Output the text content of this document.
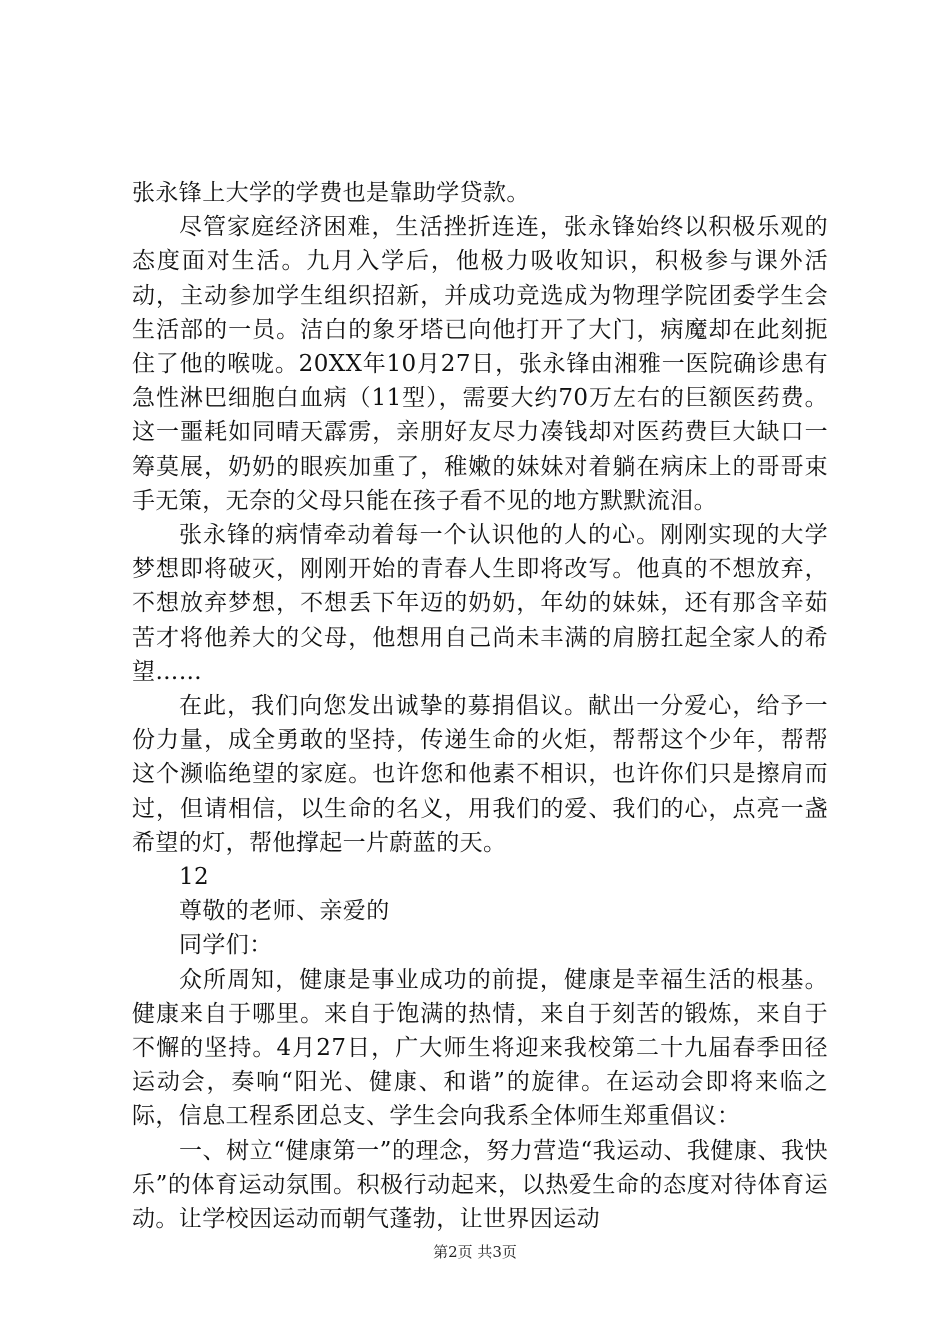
张永锋上大学的学费也是靠助学贷款。

尽管家庭经济困难，生活挫折连连，张永锋始终以积极乐观的态度面对生活。九月入学后，他极力吸收知识，积极参与课外活动，主动参加学生组织招新，并成功竞选成为物理学院团委学生会生活部的一员。洁白的象牙塔已向他打开了大门，病魔却在此刻扼住了他的喉咙。20XX年10月27日，张永锋由湘雅一医院确诊患有急性淋巴细胞白血病（11型），需要大约70万左右的巨额医药费。这一噩耗如同晴天霹雳，亲朋好友尽力凑钱却对医药费巨大缺口一筹莫展，奶奶的眼疾加重了，稚嫩的妹妹对着躺在病床上的哥哥束手无策，无奈的父母只能在孩子看不见的地方默默流泪。

张永锋的病情牵动着每一个认识他的人的心。刚刚实现的大学梦想即将破灭，刚刚开始的青春人生即将改写。他真的不想放弃，不想放弃梦想，不想丢下年迈的奶奶，年幼的妹妹，还有那含辛茹苦才将他养大的父母，他想用自己尚未丰满的肩膀扛起全家人的希望……

在此，我们向您发出诚挚的募捐倡议。献出一分爱心，给予一份力量，成全勇敢的坚持，传递生命的火炬，帮帮这个少年，帮帮这个濒临绝望的家庭。也许您和他素不相识，也许你们只是擦肩而过，但请相信，以生命的名义，用我们的爱、我们的心，点亮一盏希望的灯，帮他撑起一片蔚蓝的天。

12

尊敬的老师、亲爱的

同学们：

众所周知，健康是事业成功的前提，健康是幸福生活的根基。健康来自于哪里。来自于饱满的热情，来自于刻苦的锻炼，来自于不懈的坚持。4月27日，广大师生将迎来我校第二十九届春季田径运动会，奏响“阳光、健康、和谐”的旋律。在运动会即将来临之际，信息工程系团总支、学生会向我系全体师生郑重倡议：

一、树立“健康第一”的理念，努力营造“我运动、我健康、我快乐”的体育运动氛围。积极行动起来，以热爱生命的态度对待体育运动。让学校因运动而朝气蓬勃，让世界因运动

第2页 共3页
